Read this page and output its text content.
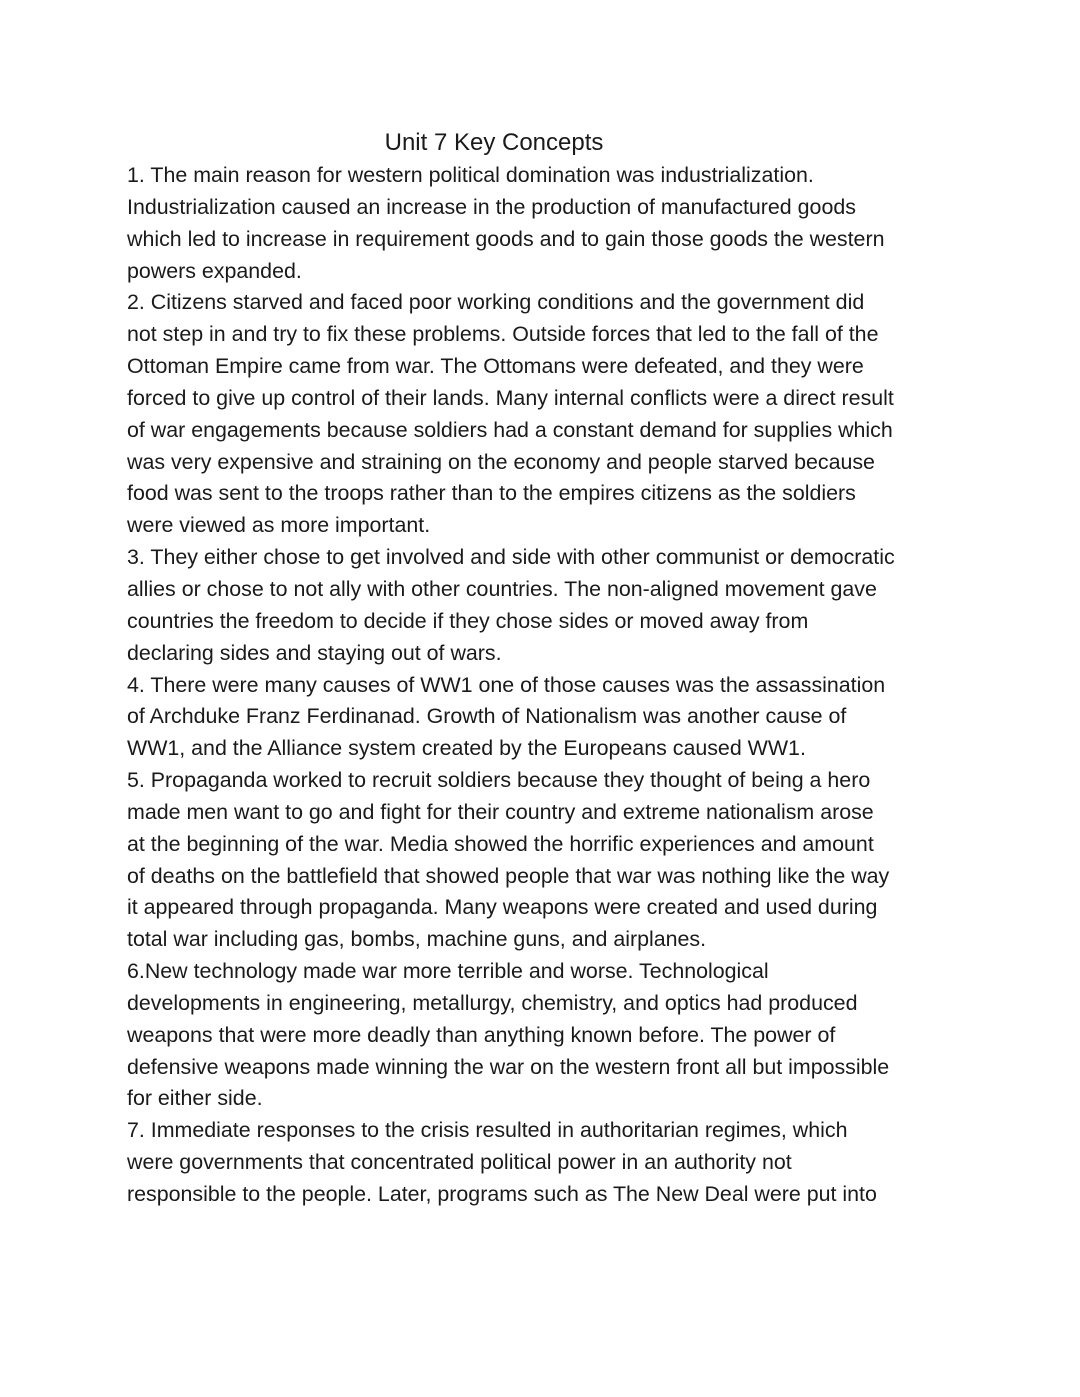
Unit 7 Key Concepts

1. The main reason for western political domination was industrialization.

Industrialization caused an increase in the production of manufactured goods

which led to increase in requirement goods and to gain those goods the western

powers expanded.

2. Citizens starved and faced poor working conditions and the government did

not step in and try to fix these problems. Outside forces that led to the fall of the

Ottoman Empire came from war. The Ottomans were defeated, and they were

forced to give up control of their lands. Many internal conflicts were a direct result

of war engagements because soldiers had a constant demand for supplies which

was very expensive and straining on the economy and people starved because

food was sent to the troops rather than to the empires citizens as the soldiers

were viewed as more important.

3. They either chose to get involved and side with other communist or democratic

allies or chose to not ally with other countries. The non-aligned movement gave

countries the freedom to decide if they chose sides or moved away from

declaring sides and staying out of wars.

4. There were many causes of WW1 one of those causes was the assassination

of Archduke Franz Ferdinanad. Growth of Nationalism was another cause of

WW1, and the Alliance system created by the Europeans caused WW1.

5. Propaganda worked to recruit soldiers because they thought of being a hero

made men want to go and fight for their country and extreme nationalism arose

at the beginning of the war. Media showed the horrific experiences and amount

of deaths on the battlefield that showed people that war was nothing like the way

it appeared through propaganda. Many weapons were created and used during

total war including gas, bombs, machine guns, and airplanes.

6.New technology made war more terrible and worse. Technological

developments in engineering, metallurgy, chemistry, and optics had produced

weapons that were more deadly than anything known before. The power of

defensive weapons made winning the war on the western front all but impossible

for either side.

7. Immediate responses to the crisis resulted in authoritarian regimes, which

were governments that concentrated political power in an authority not

responsible to the people. Later, programs such as The New Deal were put into
